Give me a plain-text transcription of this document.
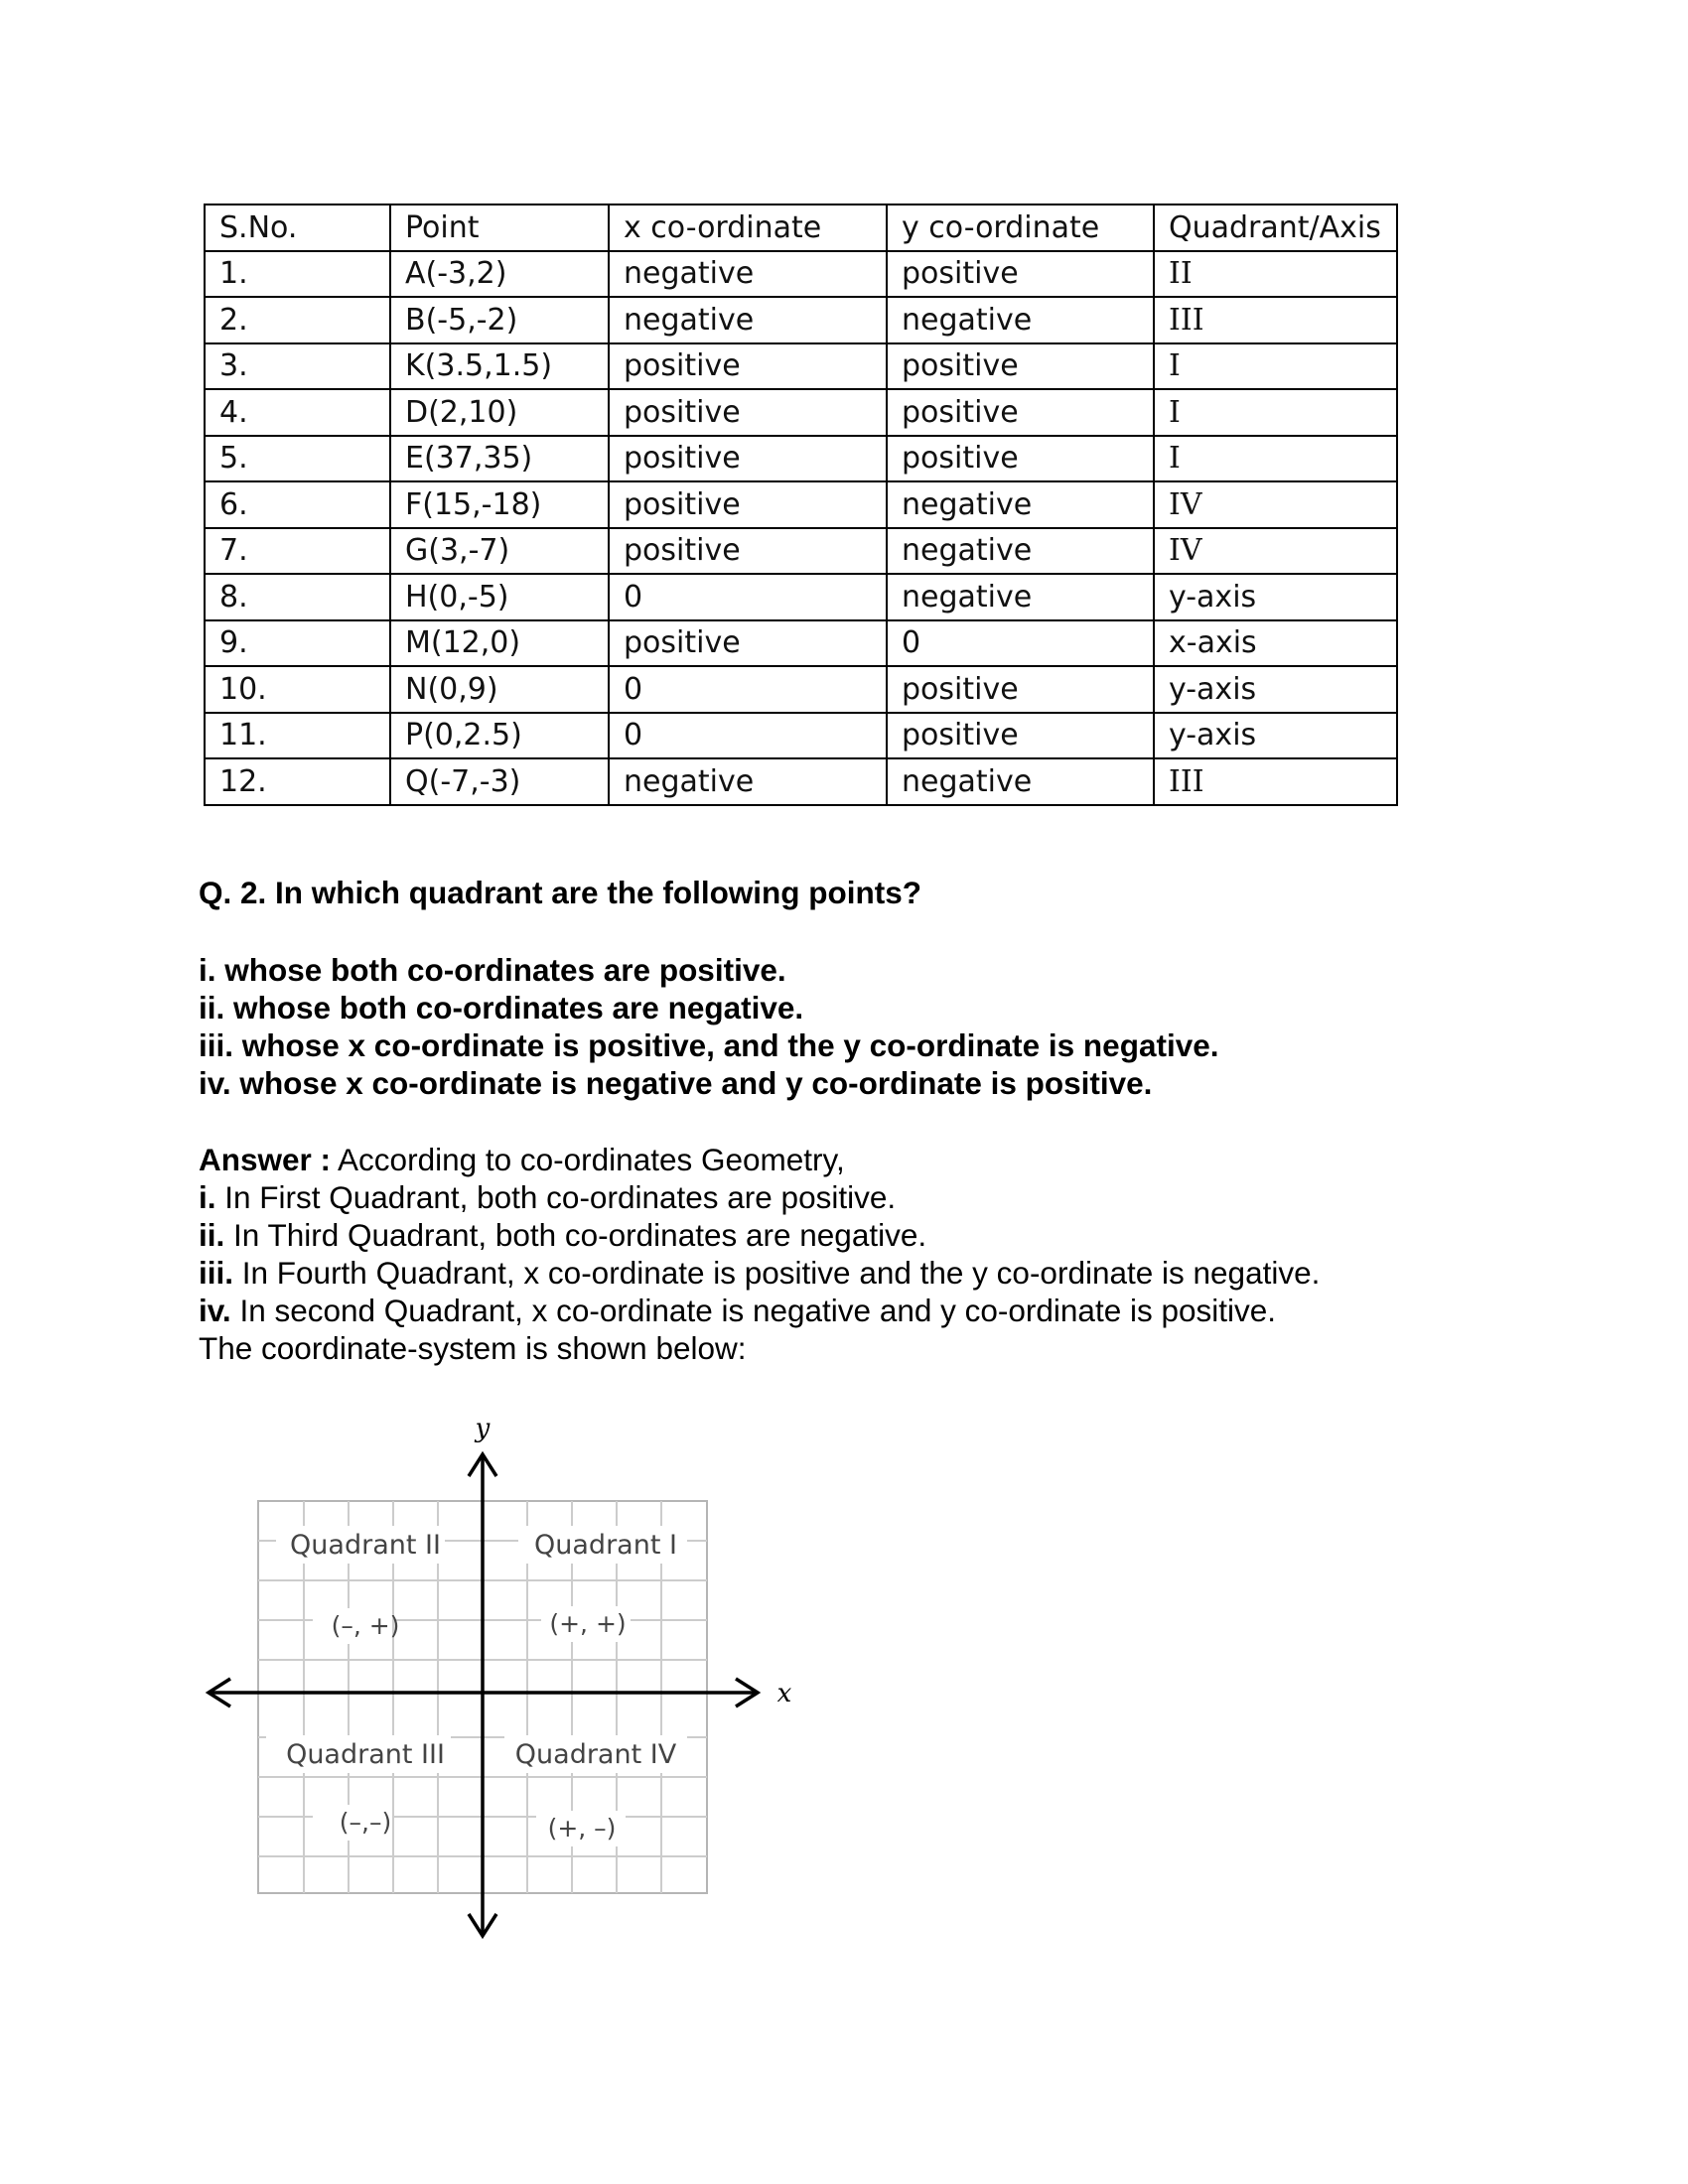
S.No.	Point	x co-ordinate	y co-ordinate	Quadrant/Axis
1.	A(-3,2)	negative	positive	II
2.	B(-5,-2)	negative	negative	III
3.	K(3.5,1.5)	positive	positive	I
4.	D(2,10)	positive	positive	I
5.	E(37,35)	positive	positive	I
6.	F(15,-18)	positive	negative	IV
7.	G(3,-7)	positive	negative	IV
8.	H(0,-5)	0	negative	y-axis
9.	M(12,0)	positive	0	x-axis
10.	N(0,9)	0	positive	y-axis
11.	P(0,2.5)	0	positive	y-axis
12.	Q(-7,-3)	negative	negative	III

Q. 2. In which quadrant are the following points?

i. whose both co-ordinates are positive.

ii. whose both co-ordinates are negative.

iii. whose x co-ordinate is positive, and the y co-ordinate is negative.

iv. whose x co-ordinate is negative and y co-ordinate is positive.

Answer : According to co-ordinates Geometry,

i. In First Quadrant, both co-ordinates are positive.

ii. In Third Quadrant, both co-ordinates are negative.

iii. In Fourth Quadrant, x co-ordinate is positive and the y co-ordinate is negative.

iv. In second Quadrant, x co-ordinate is negative and y co-ordinate is positive.

The coordinate-system is shown below:

y
x
Quadrant II	Quadrant I
Quadrant III	Quadrant IV
(–, +)	(+, +)
(–,–)	(+, –)
